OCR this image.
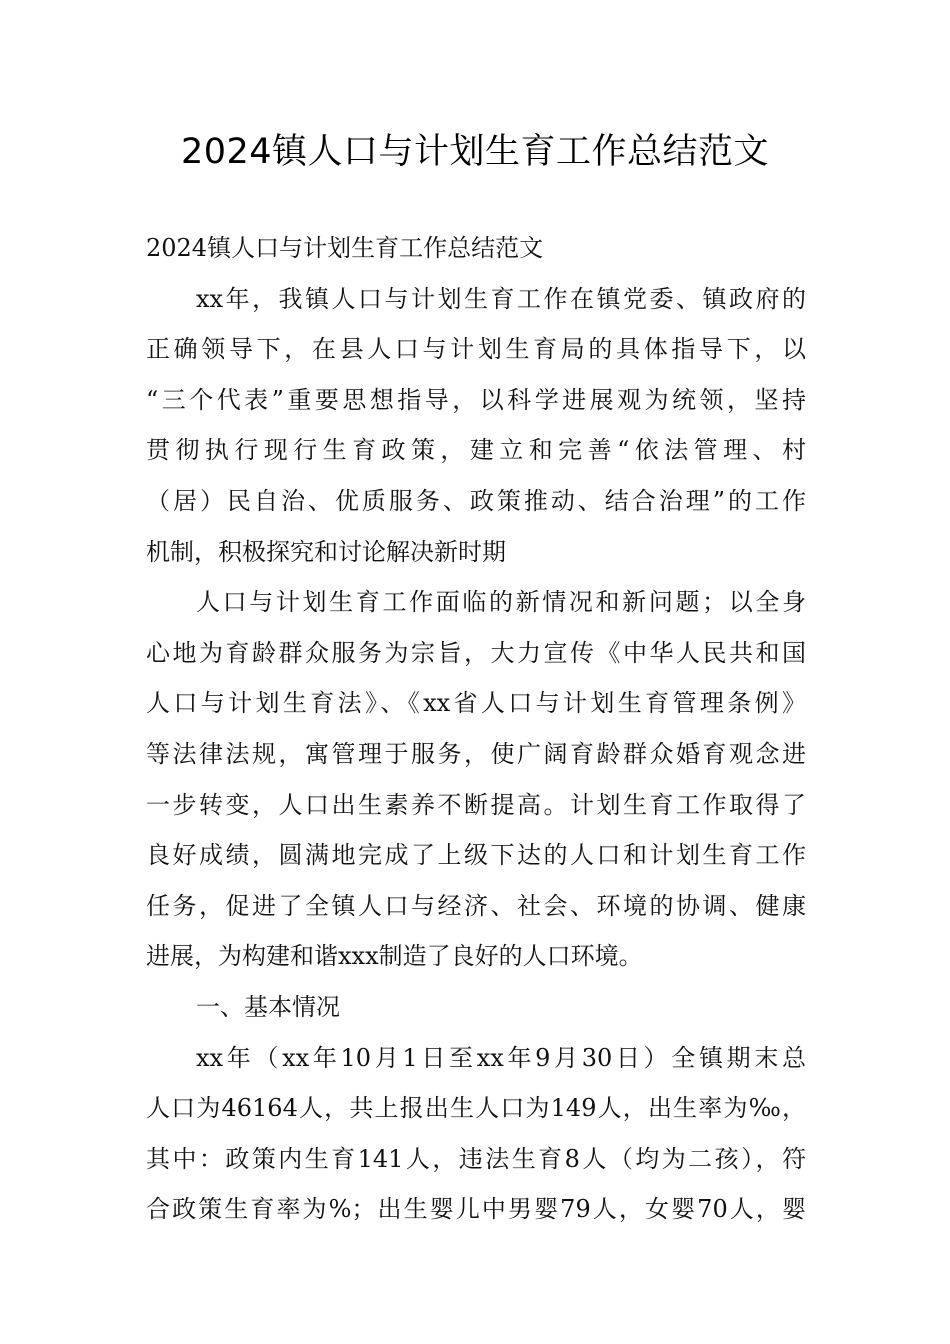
2024镇人口与计划生育工作总结范文
2024镇人口与计划生育工作总结范文
xx年，我镇人口与计划生育工作在镇党委、镇政府的
正确领导下，在县人口与计划生育局的具体指导下，以
“三个代表”重要思想指导，以科学进展观为统领，坚持
贯彻执行现行生育政策，建立和完善“依法管理、村
（居）民自治、优质服务、政策推动、结合治理”的工作
机制，积极探究和讨论解决新时期
人口与计划生育工作面临的新情况和新问题；以全身
心地为育龄群众服务为宗旨，大力宣传《中华人民共和国
人口与计划生育法》、《xx省人口与计划生育管理条例》
等法律法规，寓管理于服务，使广阔育龄群众婚育观念进
一步转变，人口出生素养不断提高。计划生育工作取得了
良好成绩，圆满地完成了上级下达的人口和计划生育工作
任务，促进了全镇人口与经济、社会、环境的协调、健康
进展，为构建和谐xxx制造了良好的人口环境。
一、基本情况
xx年（xx年10月1日至xx年9月30日）全镇期末总
人口为46164人，共上报出生人口为149人，出生率为‰，
其中：政策内生育141人，违法生育8人（均为二孩），符
合政策生育率为%；出生婴儿中男婴79人，女婴70人，婴
